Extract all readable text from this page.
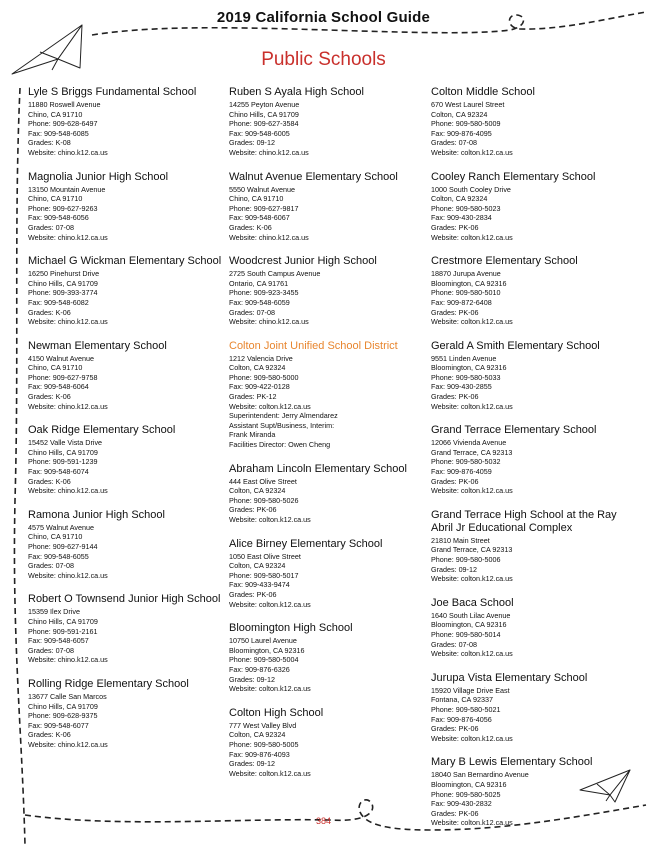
2019 California School Guide
Public Schools
Lyle S Briggs Fundamental School
11880 Roswell Avenue
Chino, CA 91710
Phone: 909-628-6497
Fax: 909-548-6085
Grades: K-08
Website: chino.k12.ca.us
Magnolia Junior High School
13150 Mountain Avenue
Chino, CA 91710
Phone: 909-627-9263
Fax: 909-548-6056
Grades: 07-08
Website: chino.k12.ca.us
Michael G Wickman Elementary School
16250 Pinehurst Drive
Chino Hills, CA 91709
Phone: 909-393-3774
Fax: 909-548-6082
Grades: K-06
Website: chino.k12.ca.us
Newman Elementary School
4150 Walnut Avenue
Chino, CA 91710
Phone: 909-627-9758
Fax: 909-548-6064
Grades: K-06
Website: chino.k12.ca.us
Oak Ridge Elementary School
15452 Valle Vista Drive
Chino Hills, CA 91709
Phone: 909-591-1239
Fax: 909-548-6074
Grades: K-06
Website: chino.k12.ca.us
Ramona Junior High School
4575 Walnut Avenue
Chino, CA 91710
Phone: 909-627-9144
Fax: 909-548-6055
Grades: 07-08
Website: chino.k12.ca.us
Robert O Townsend Junior High School
15359 Ilex Drive
Chino Hills, CA 91709
Phone: 909-591-2161
Fax: 909-548-6057
Grades: 07-08
Website: chino.k12.ca.us
Rolling Ridge Elementary School
13677 Calle San Marcos
Chino Hills, CA 91709
Phone: 909-628-9375
Fax: 909-548-6077
Grades: K-06
Website: chino.k12.ca.us
Ruben S Ayala High School
14255 Peyton Avenue
Chino Hills, CA 91709
Phone: 909-627-3584
Fax: 909-548-6005
Grades: 09-12
Website: chino.k12.ca.us
Walnut Avenue Elementary School
5550 Walnut Avenue
Chino, CA 91710
Phone: 909-627-9817
Fax: 909-548-6067
Grades: K-06
Website: chino.k12.ca.us
Woodcrest Junior High School
2725 South Campus Avenue
Ontario, CA 91761
Phone: 909-923-3455
Fax: 909-548-6059
Grades: 07-08
Website: chino.k12.ca.us
Colton Joint Unified School District
1212 Valencia Drive
Colton, CA 92324
Phone: 909-580-5000
Fax: 909-422-0128
Grades: PK-12
Website: colton.k12.ca.us
Superintendent: Jerry Almendarez
Assistant Supt/Business, Interim:
Frank Miranda
Facilities Director: Owen Cheng
Abraham Lincoln Elementary School
444 East Olive Street
Colton, CA 92324
Phone: 909-580-5026
Grades: PK-06
Website: colton.k12.ca.us
Alice Birney Elementary School
1050 East Olive Street
Colton, CA 92324
Phone: 909-580-5017
Fax: 909-433-9474
Grades: PK-06
Website: colton.k12.ca.us
Bloomington High School
10750 Laurel Avenue
Bloomington, CA 92316
Phone: 909-580-5004
Fax: 909-876-6326
Grades: 09-12
Website: colton.k12.ca.us
Colton High School
777 West Valley Blvd
Colton, CA 92324
Phone: 909-580-5005
Fax: 909-876-4093
Grades: 09-12
Website: colton.k12.ca.us
Colton Middle School
670 West Laurel Street
Colton, CA 92324
Phone: 909-580-5009
Fax: 909-876-4095
Grades: 07-08
Website: colton.k12.ca.us
Cooley Ranch Elementary School
1000 South Cooley Drive
Colton, CA 92324
Phone: 909-580-5023
Fax: 909-430-2834
Grades: PK-06
Website: colton.k12.ca.us
Crestmore Elementary School
18870 Jurupa Avenue
Bloomington, CA 92316
Phone: 909-580-5010
Fax: 909-872-6408
Grades: PK-06
Website: colton.k12.ca.us
Gerald A Smith Elementary School
9551 Linden Avenue
Bloomington, CA 92316
Phone: 909-580-5033
Fax: 909-430-2855
Grades: PK-06
Website: colton.k12.ca.us
Grand Terrace Elementary School
12066 Vivienda Avenue
Grand Terrace, CA 92313
Phone: 909-580-5032
Fax: 909-876-4059
Grades: PK-06
Website: colton.k12.ca.us
Grand Terrace High School at the Ray Abril Jr Educational Complex
21810 Main Street
Grand Terrace, CA 92313
Phone: 909-580-5006
Grades: 09-12
Website: colton.k12.ca.us
Joe Baca School
1640 South Lilac Avenue
Bloomington, CA 92316
Phone: 909-580-5014
Grades: 07-08
Website: colton.k12.ca.us
Jurupa Vista Elementary School
15920 Village Drive East
Fontana, CA 92337
Phone: 909-580-5021
Fax: 909-876-4056
Grades: PK-06
Website: colton.k12.ca.us
Mary B Lewis Elementary School
18040 San Bernardino Avenue
Bloomington, CA 92316
Phone: 909-580-5025
Fax: 909-430-2832
Grades: PK-06
Website: colton.k12.ca.us
384
